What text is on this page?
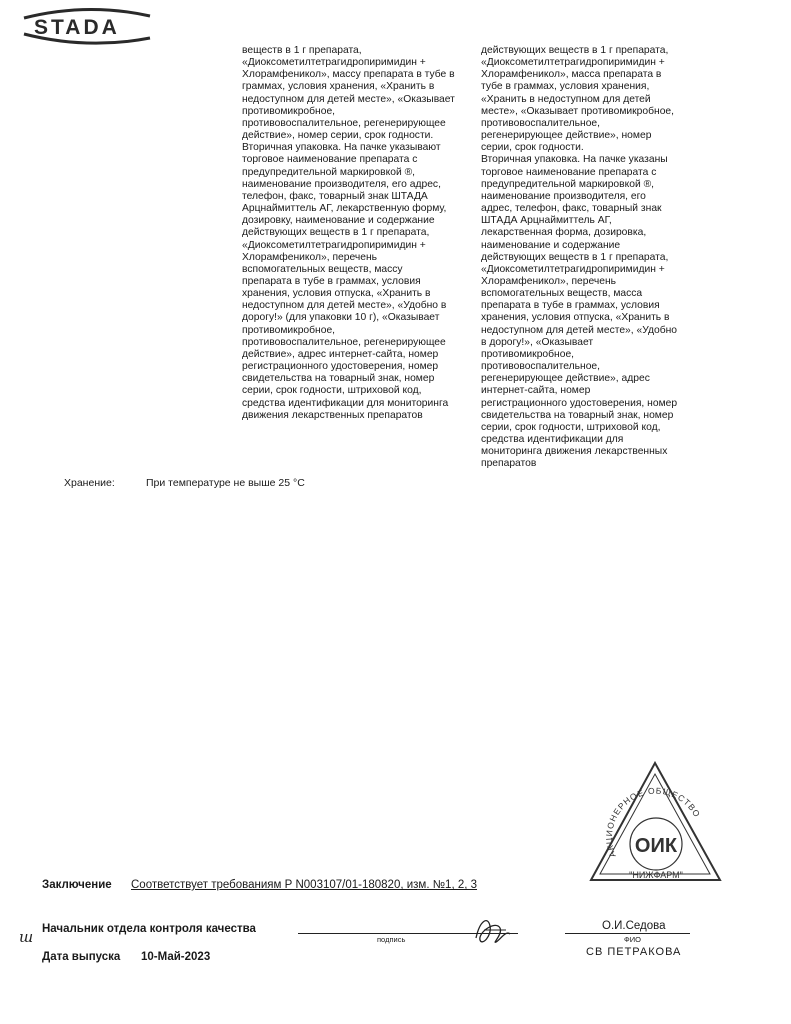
STADA
веществ в 1 г препарата,
«Диоксометилтетрагидропиримидин +
Хлорамфеникол», массу препарата в тубе в
граммах, условия хранения, «Хранить в
недоступном для детей месте», «Оказывает
противомикробное,
противовоспалительное, регенерирующее
действие», номер серии, срок годности.
Вторичная упаковка. На пачке указывают
торговое наименование препарата с
предупредительной маркировкой ®,
наименование производителя, его адрес,
телефон, факс, товарный знак ШТАДА
Арцнаймиттель АГ, лекарственную форму,
дозировку, наименование и содержание
действующих веществ в 1 г препарата,
«Диоксометилтетрагидропиримидин +
Хлорамфеникол», перечень
вспомогательных веществ, массу
препарата в тубе в граммах, условия
хранения, условия отпуска, «Хранить в
недоступном для детей месте», «Удобно в
дорогу!» (для упаковки 10 г), «Оказывает
противомикробное,
противовоспалительное, регенерирующее
действие», адрес интернет-сайта, номер
регистрационного удостоверения, номер
свидетельства на товарный знак, номер
серии, срок годности, штриховой код,
средства идентификации для мониторинга
движения лекарственных препаратов
действующих веществ в 1 г препарата,
«Диоксометилтетрагидропиримидин +
Хлорамфеникол», масса препарата в
тубе в граммах, условия хранения,
«Хранить в недоступном для детей
месте», «Оказывает противомикробное,
противовоспалительное,
регенерирующее действие», номер
серии, срок годности.
Вторичная упаковка. На пачке указаны
торговое наименование препарата с
предупредительной маркировкой ®,
наименование производителя, его
адрес, телефон, факс, товарный знак
ШТАДА Арцнаймиттель АГ,
лекарственная форма, дозировка,
наименование и содержание
действующих веществ в 1 г препарата,
«Диоксометилтетрагидропиримидин +
Хлорамфеникол», перечень
вспомогательных веществ, масса
препарата в тубе в граммах, условия
хранения, условия отпуска, «Хранить в
недоступном для детей месте», «Удобно
в дорогу!», «Оказывает
противомикробное,
противовоспалительное,
регенерирующее действие», адрес
интернет-сайта, номер
регистрационного удостоверения, номер
свидетельства на товарный знак, номер
серии, срок годности, штриховой код,
средства идентификации для
мониторинга движения лекарственных
препаратов
Хранение:	При температуре не выше 25 °C
АКЦИОНЕРНОЕ ОБЩЕСТВО
ОИК
"НИЖФАРМ"
Заключение Соответствует требованиям Р N003107/01-180820, изм. №1, 2, 3
ш Начальник отдела контроля качества
подпись
О.И.Седова
ФИО
СВ ПЕТРАКОВА
Дата выпуска 10-Май-2023
